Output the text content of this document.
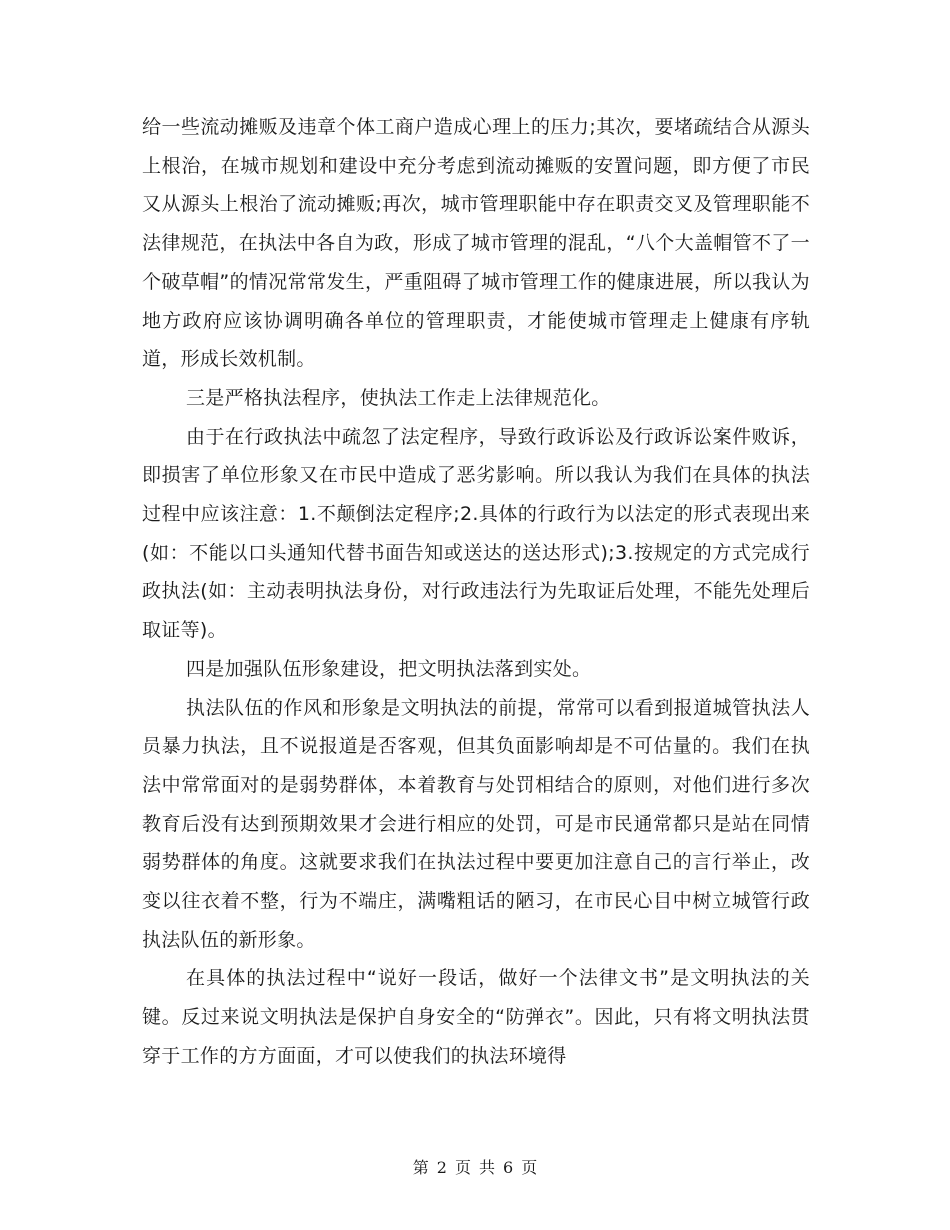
给一些流动摊贩及违章个体工商户造成心理上的压力;其次，要堵疏结合从源头上根治，在城市规划和建设中充分考虑到流动摊贩的安置问题，即方便了市民又从源头上根治了流动摊贩;再次，城市管理职能中存在职责交叉及管理职能不法律规范，在执法中各自为政，形成了城市管理的混乱，“八个大盖帽管不了一个破草帽”的情况常常发生，严重阻碍了城市管理工作的健康进展，所以我认为地方政府应该协调明确各单位的管理职责，才能使城市管理走上健康有序轨道，形成长效机制。

三是严格执法程序，使执法工作走上法律规范化。

由于在行政执法中疏忽了法定程序，导致行政诉讼及行政诉讼案件败诉，即损害了单位形象又在市民中造成了恶劣影响。所以我认为我们在具体的执法过程中应该注意：1.不颠倒法定程序;2.具体的行政行为以法定的形式表现出来(如：不能以口头通知代替书面告知或送达的送达形式);3.按规定的方式完成行政执法(如：主动表明执法身份，对行政违法行为先取证后处理，不能先处理后取证等)。

四是加强队伍形象建设，把文明执法落到实处。

执法队伍的作风和形象是文明执法的前提，常常可以看到报道城管执法人员暴力执法，且不说报道是否客观，但其负面影响却是不可估量的。我们在执法中常常面对的是弱势群体，本着教育与处罚相结合的原则，对他们进行多次教育后没有达到预期效果才会进行相应的处罚，可是市民通常都只是站在同情弱势群体的角度。这就要求我们在执法过程中要更加注意自己的言行举止，改变以往衣着不整，行为不端庄，满嘴粗话的陋习，在市民心目中树立城管行政执法队伍的新形象。

在具体的执法过程中“说好一段话，做好一个法律文书”是文明执法的关键。反过来说文明执法是保护自身安全的“防弹衣”。因此，只有将文明执法贯穿于工作的方方面面，才可以使我们的执法环境得

第 2 页 共 6 页
